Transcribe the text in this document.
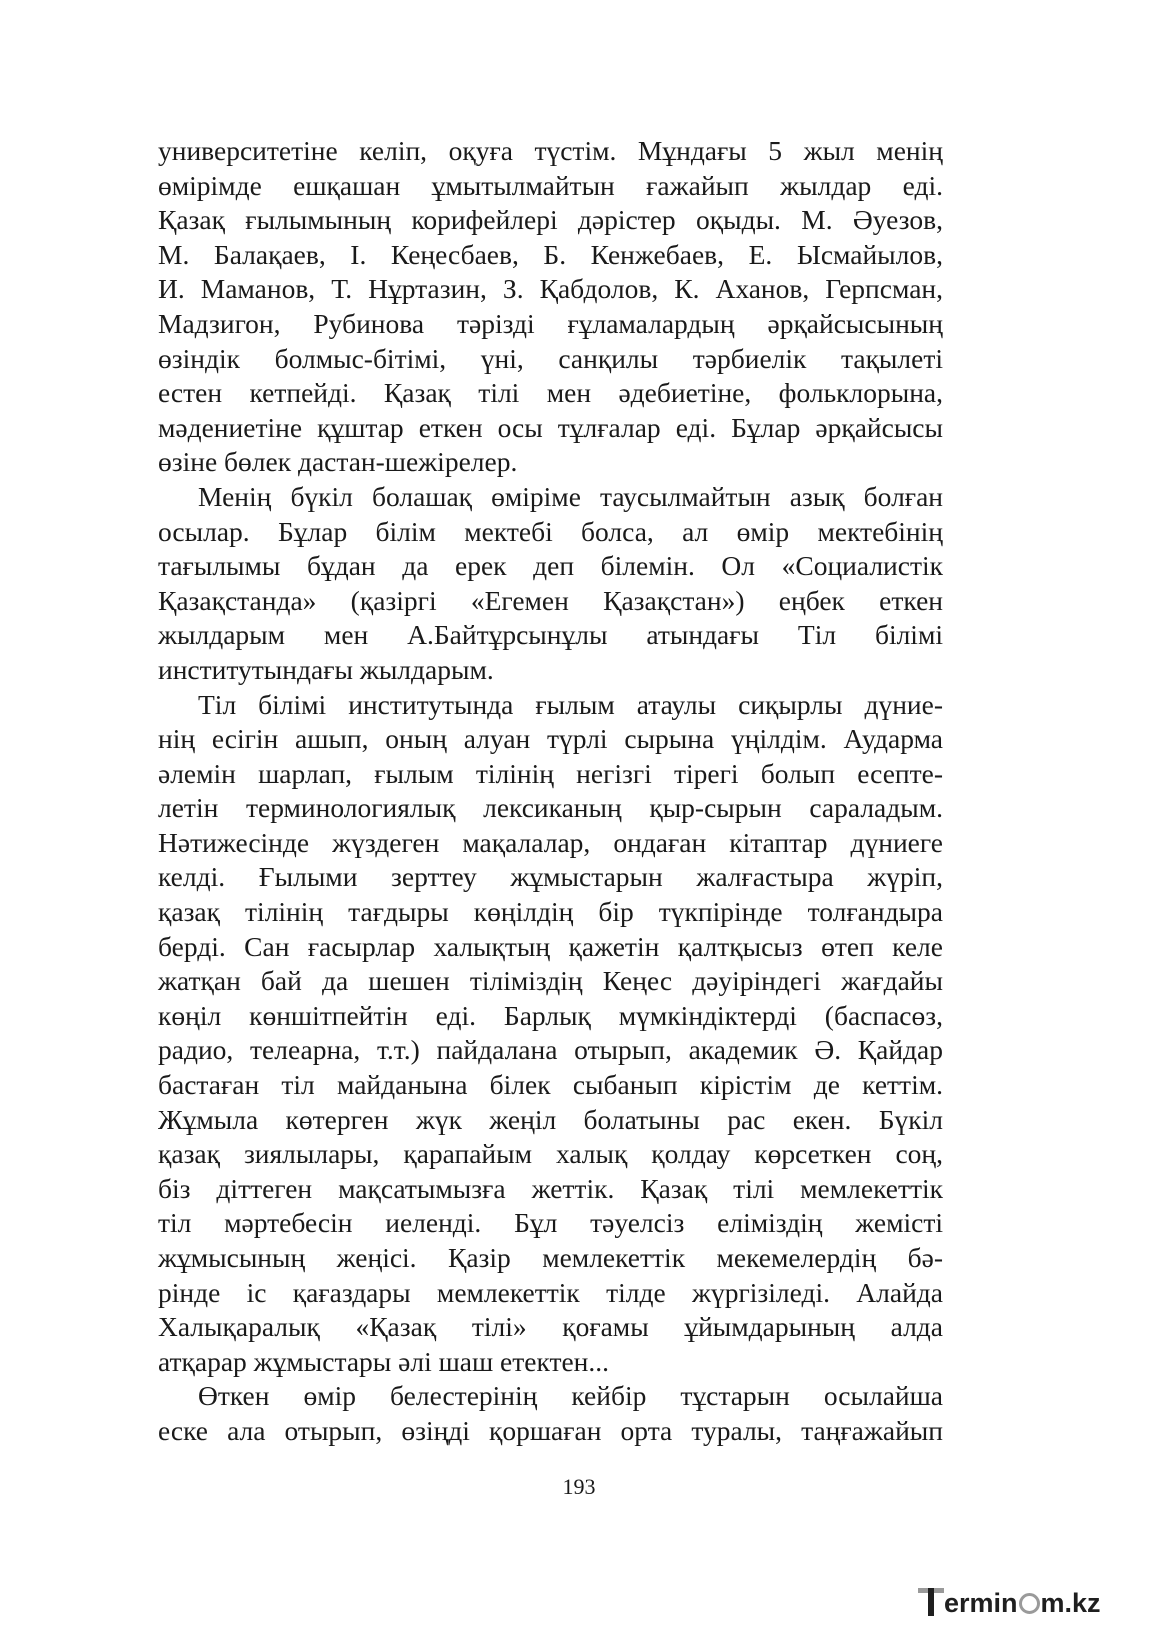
университетіне келіп, оқуға түстім. Мұндағы 5 жыл менің
өмірімде ешқашан ұмытылмайтын ғажайып жылдар еді.
Қазақ ғылымының корифейлері дәрістер оқыды. М. Әуезов,
М. Балақаев, І. Кеңесбаев, Б. Кенжебаев, Е. Ысмайылов,
И. Маманов, Т. Нұртазин, З. Қабдолов, К. Аханов, Герпсман,
Мадзигон, Рубинова тәрізді ғұламалардың әрқайсысының
өзіндік болмыс-бітімі, үні, санқилы тәрбиелік тақылеті
естен кетпейді. Қазақ тілі мен әдебиетіне, фольклорына,
мәдениетіне құштар еткен осы тұлғалар еді. Бұлар әрқайсысы
өзіне бөлек дастан-шежірелер.
Менің бүкіл болашақ өміріме таусылмайтын азық болған
осылар. Бұлар білім мектебі болса, ал өмір мектебінің
тағылымы бұдан да ерек деп білемін. Ол «Социалистік
Қазақстанда» (қазіргі «Егемен Қазақстан») еңбек еткен
жылдарым мен А.Байтұрсынұлы атындағы Тіл білімі
институтындағы жылдарым.
Тіл білімі институтында ғылым атаулы сиқырлы дүние-
нің есігін ашып, оның алуан түрлі сырына үңілдім. Аударма
әлемін шарлап, ғылым тілінің негізгі тірегі болып есепте-
летін терминологиялық лексиканың қыр-сырын сараладым.
Нәтижесінде жүздеген мақалалар, ондаған кітаптар дүниеге
келді. Ғылыми зерттеу жұмыстарын жалғастыра жүріп,
қазақ тілінің тағдыры көңілдің бір түкпірінде толғандыра
берді. Сан ғасырлар халықтың қажетін қалтқысыз өтеп келе
жатқан бай да шешен тіліміздің Кеңес дәуіріндегі жағдайы
көңіл көншітпейтін еді. Барлық мүмкіндіктерді (баспасөз,
радио, телеарна, т.т.) пайдалана отырып, академик Ә. Қайдар
бастаған тіл майданына білек сыбанып кірістім де кеттім.
Жұмыла көтерген жүк жеңіл болатыны рас екен. Бүкіл
қазақ зиялылары, қарапайым халық қолдау көрсеткен соң,
біз діттеген мақсатымызға жеттік. Қазақ тілі мемлекеттік
тіл мәртебесін иеленді. Бұл тәуелсіз еліміздің жемісті
жұмысының жеңісі. Қазір мемлекеттік мекемелердің бә-
рінде іс қағаздары мемлекеттік тілде жүргізіледі. Алайда
Халықаралық «Қазақ тілі» қоғамы ұйымдарының алда
атқарар жұмыстары әлі шаш етектен...
Өткен өмір белестерінің кейбір тұстарын осылайша
еске ала отырып, өзіңді қоршаған орта туралы, таңғажайып
193
ermin m.kz
